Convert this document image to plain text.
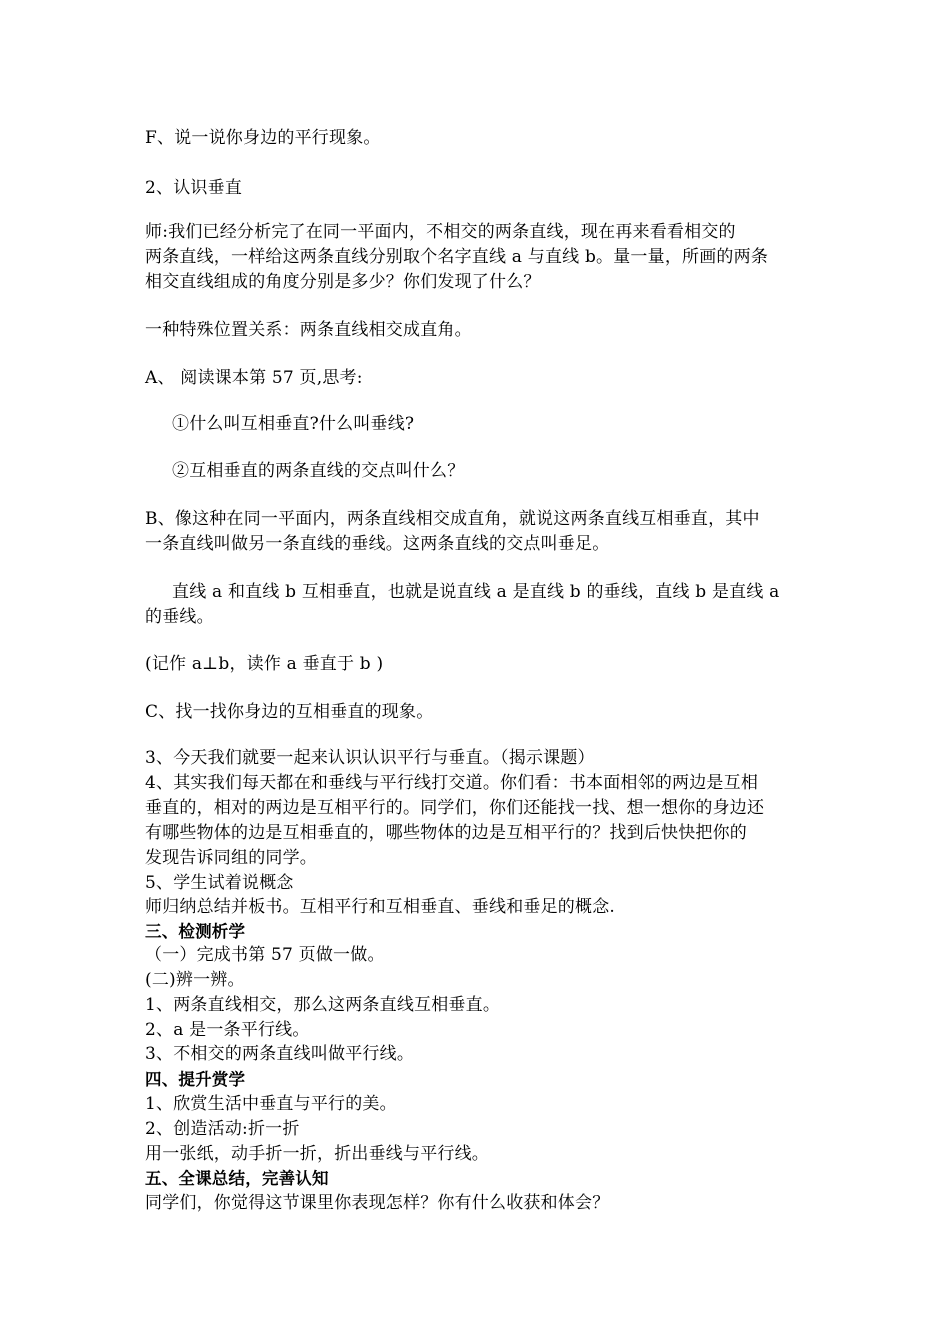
F、说一说你身边的平行现象。
2、认识垂直
师:我们已经分析完了在同一平面内，不相交的两条直线，现在再来看看相交的
两条直线，一样给这两条直线分别取个名字直线 a 与直线 b。量一量，所画的两条
相交直线组成的角度分别是多少？你们发现了什么？
一种特殊位置关系：两条直线相交成直角。
A、 阅读课本第 57 页,思考:
①什么叫互相垂直?什么叫垂线?
②互相垂直的两条直线的交点叫什么？
B、像这种在同一平面内，两条直线相交成直角，就说这两条直线互相垂直，其中
一条直线叫做另一条直线的垂线。这两条直线的交点叫垂足。
直线 a 和直线 b 互相垂直，也就是说直线 a 是直线 b 的垂线，直线 b 是直线 a
的垂线。
(记作 a⊥b，读作 a 垂直于 b )
C、找一找你身边的互相垂直的现象。
3、今天我们就要一起来认识认识平行与垂直。（揭示课题）
4、其实我们每天都在和垂线与平行线打交道。你们看：书本面相邻的两边是互相
垂直的，相对的两边是互相平行的。同学们，你们还能找一找、想一想你的身边还
有哪些物体的边是互相垂直的，哪些物体的边是互相平行的？找到后快快把你的
发现告诉同组的同学。
5、学生试着说概念
师归纳总结并板书。互相平行和互相垂直、垂线和垂足的概念.
三、检测析学
（一）完成书第 57 页做一做。
(二)辨一辨。
1、两条直线相交，那么这两条直线互相垂直。
2、a 是一条平行线。
3、不相交的两条直线叫做平行线。
四、提升赏学
1、欣赏生活中垂直与平行的美。
2、创造活动:折一折
用一张纸，动手折一折，折出垂线与平行线。
五、全课总结，完善认知
同学们，你觉得这节课里你表现怎样？你有什么收获和体会？
